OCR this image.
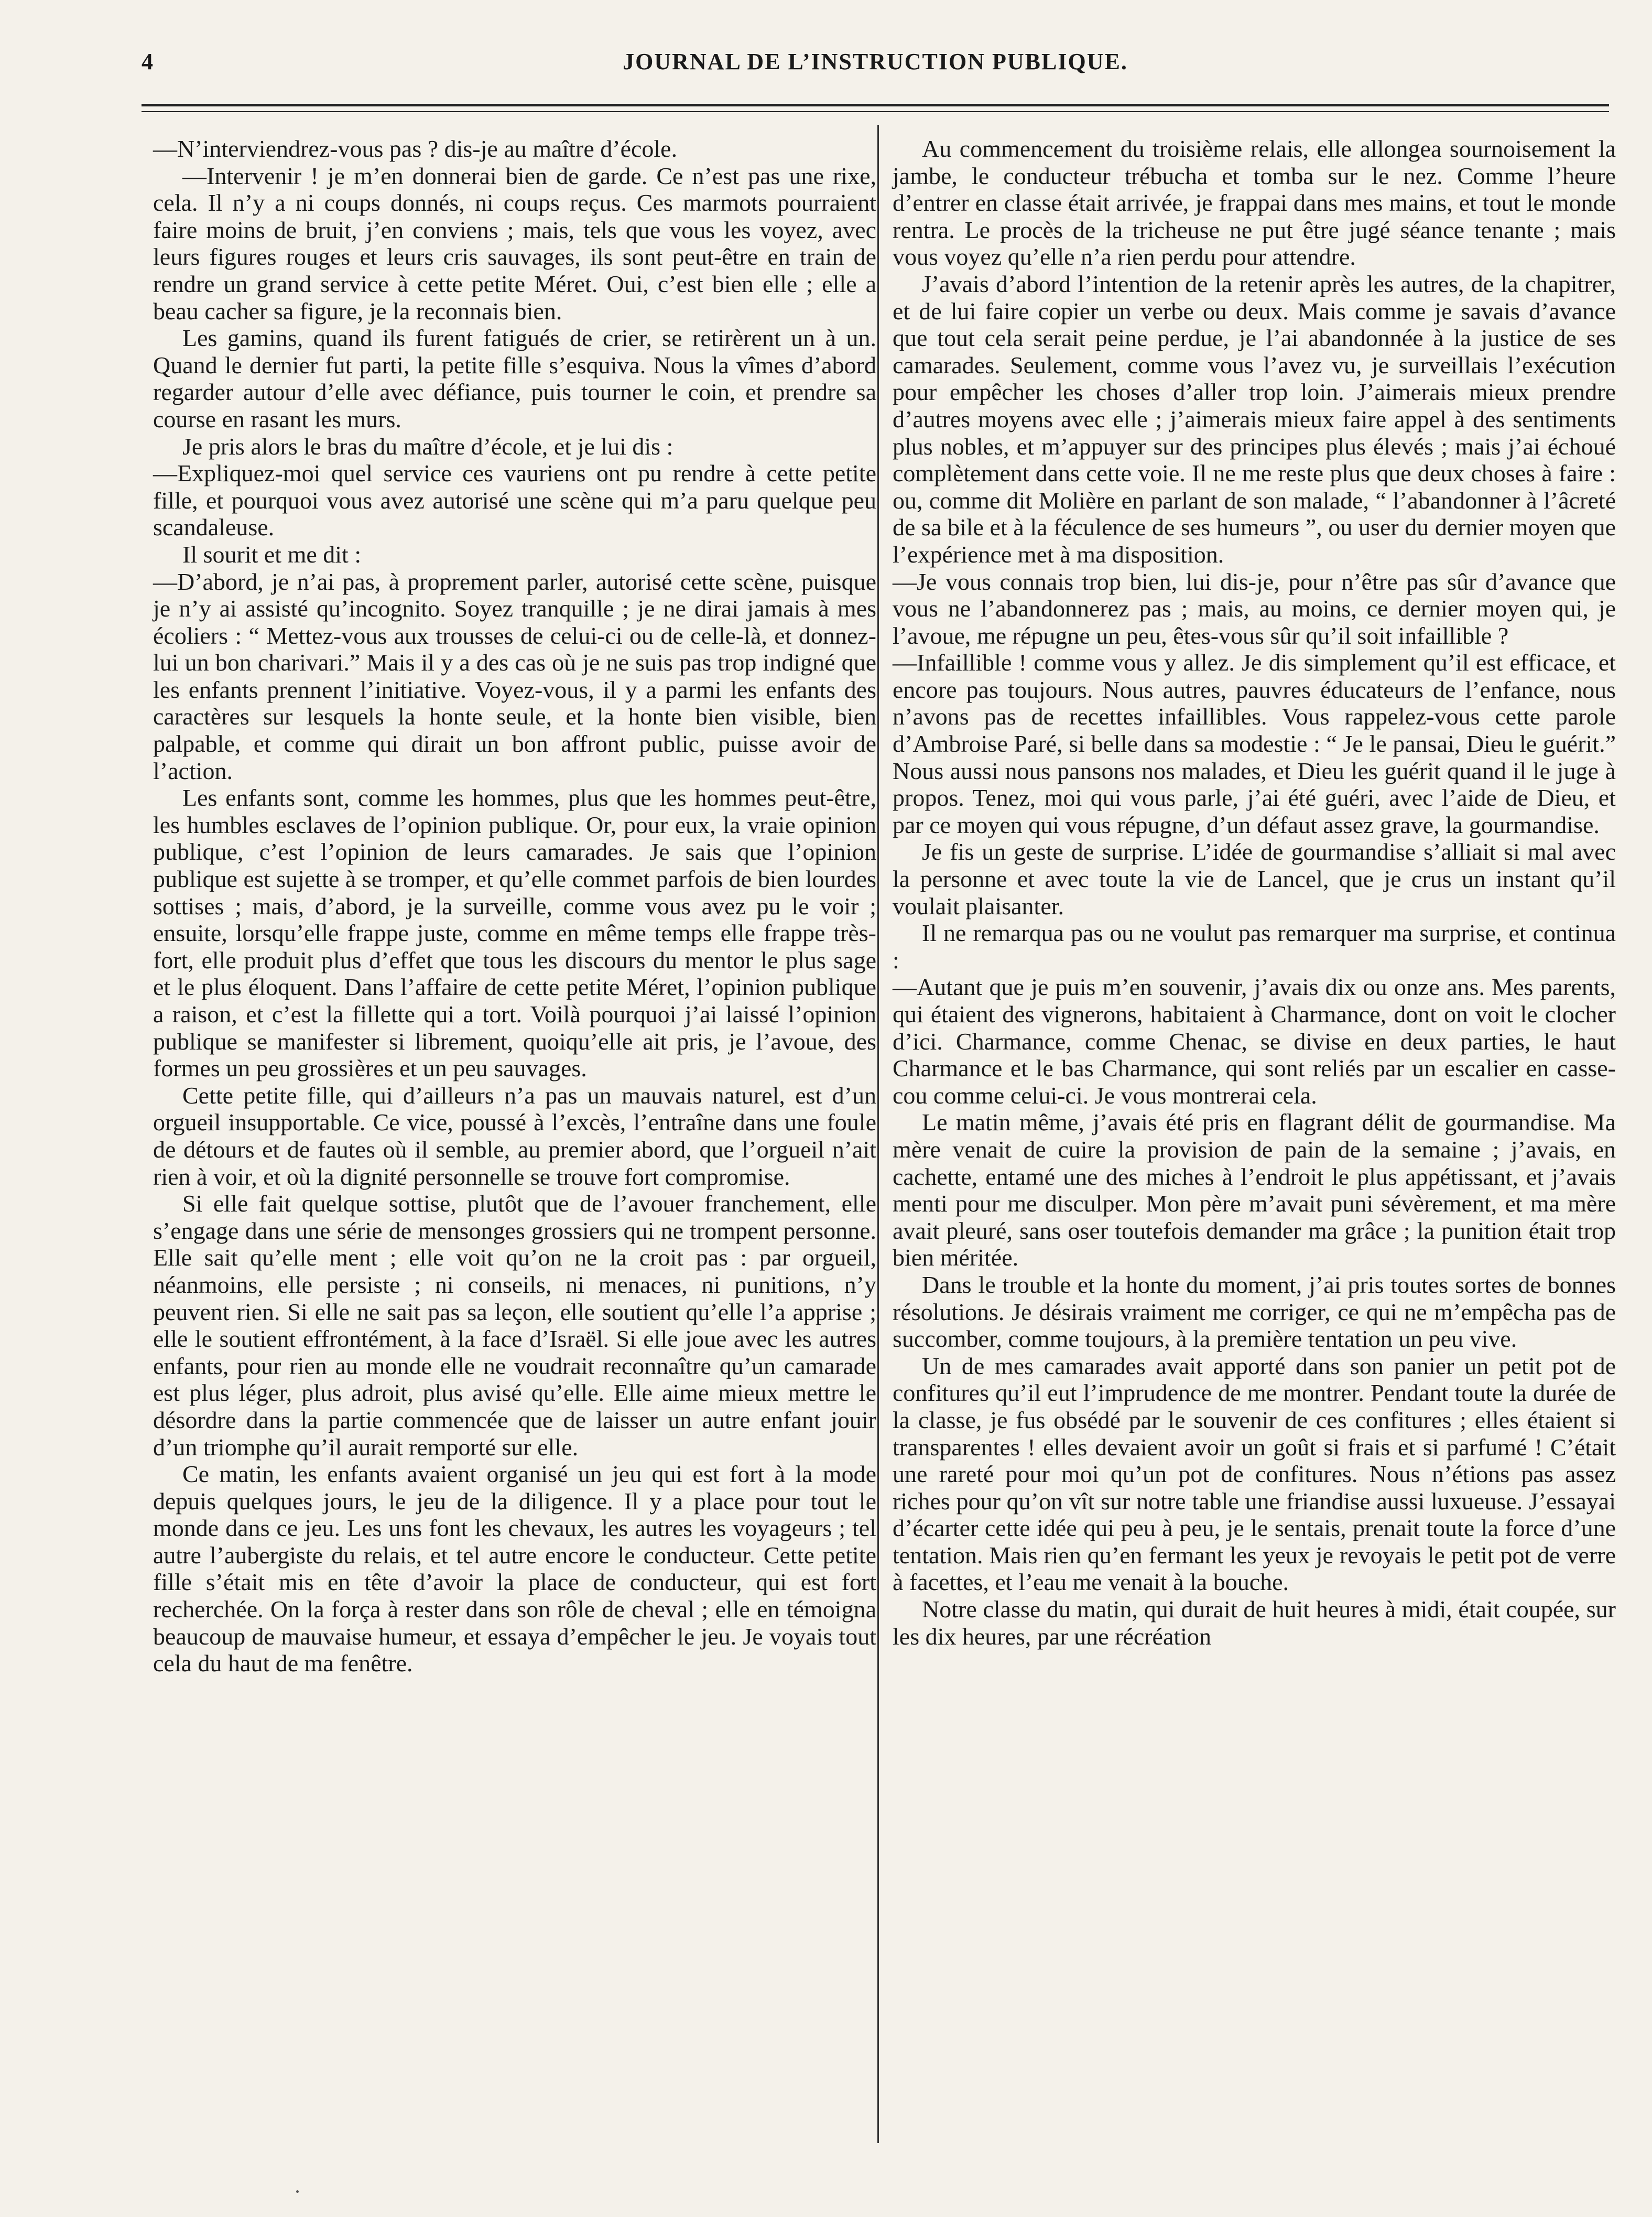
4	JOURNAL DE L’INSTRUCTION PUBLIQUE.

—N’interviendrez-vous pas ? dis-je au maître d’école.

—Intervenir ! je m’en donnerai bien de garde. Ce n’est pas une rixe, cela. Il n’y a ni coups donnés, ni coups reçus. Ces marmots pourraient faire moins de bruit, j’en conviens ; mais, tels que vous les voyez, avec leurs figures rouges et leurs cris sauvages, ils sont peut-être en train de rendre un grand service à cette petite Méret. Oui, c’est bien elle ; elle a beau cacher sa figure, je la reconnais bien.

Les gamins, quand ils furent fatigués de crier, se retirèrent un à un. Quand le dernier fut parti, la petite fille s’esquiva. Nous la vîmes d’abord regarder autour d’elle avec défiance, puis tourner le coin, et prendre sa course en rasant les murs.

Je pris alors le bras du maître d’école, et je lui dis :

—Expliquez-moi quel service ces vauriens ont pu rendre à cette petite fille, et pourquoi vous avez autorisé une scène qui m’a paru quelque peu scandaleuse.

Il sourit et me dit :

—D’abord, je n’ai pas, à proprement parler, autorisé cette scène, puisque je n’y ai assisté qu’incognito. Soyez tranquille ; je ne dirai jamais à mes écoliers : “ Mettez-vous aux trousses de celui-ci ou de celle-là, et donnez-lui un bon charivari.” Mais il y a des cas où je ne suis pas trop indigné que les enfants prennent l’initiative. Voyez-vous, il y a parmi les enfants des caractères sur lesquels la honte seule, et la honte bien visible, bien palpable, et comme qui dirait un bon affront public, puisse avoir de l’action.

Les enfants sont, comme les hommes, plus que les hommes peut-être, les humbles esclaves de l’opinion publique. Or, pour eux, la vraie opinion publique, c’est l’opinion de leurs camarades. Je sais que l’opinion publique est sujette à se tromper, et qu’elle commet parfois de bien lourdes sottises ; mais, d’abord, je la surveille, comme vous avez pu le voir ; ensuite, lorsqu’elle frappe juste, comme en même temps elle frappe très-fort, elle produit plus d’effet que tous les discours du mentor le plus sage et le plus éloquent. Dans l’affaire de cette petite Méret, l’opinion publique a raison, et c’est la fillette qui a tort. Voilà pourquoi j’ai laissé l’opinion publique se manifester si librement, quoiqu’elle ait pris, je l’avoue, des formes un peu grossières et un peu sauvages.

Cette petite fille, qui d’ailleurs n’a pas un mauvais naturel, est d’un orgueil insupportable. Ce vice, poussé à l’excès, l’entraîne dans une foule de détours et de fautes où il semble, au premier abord, que l’orgueil n’ait rien à voir, et où la dignité personnelle se trouve fort compromise.

Si elle fait quelque sottise, plutôt que de l’avouer franchement, elle s’engage dans une série de mensonges grossiers qui ne trompent personne. Elle sait qu’elle ment ; elle voit qu’on ne la croit pas : par orgueil, néanmoins, elle persiste ; ni conseils, ni menaces, ni punitions, n’y peuvent rien. Si elle ne sait pas sa leçon, elle soutient qu’elle l’a apprise ; elle le soutient effrontément, à la face d’Israël. Si elle joue avec les autres enfants, pour rien au monde elle ne voudrait reconnaître qu’un camarade est plus léger, plus adroit, plus avisé qu’elle. Elle aime mieux mettre le désordre dans la partie commencée que de laisser un autre enfant jouir d’un triomphe qu’il aurait remporté sur elle.

Ce matin, les enfants avaient organisé un jeu qui est fort à la mode depuis quelques jours, le jeu de la diligence. Il y a place pour tout le monde dans ce jeu. Les uns font les chevaux, les autres les voyageurs ; tel autre l’aubergiste du relais, et tel autre encore le conducteur. Cette petite fille s’était mis en tête d’avoir la place de conducteur, qui est fort recherchée. On la força à rester dans son rôle de cheval ; elle en témoigna beaucoup de mauvaise humeur, et essaya d’empêcher le jeu. Je voyais tout cela du haut de ma fenêtre.

Au commencement du troisième relais, elle allongea sournoisement la jambe, le conducteur trébucha et tomba sur le nez. Comme l’heure d’entrer en classe était arrivée, je frappai dans mes mains, et tout le monde rentra. Le procès de la tricheuse ne put être jugé séance tenante ; mais vous voyez qu’elle n’a rien perdu pour attendre.

J’avais d’abord l’intention de la retenir après les autres, de la chapitrer, et de lui faire copier un verbe ou deux. Mais comme je savais d’avance que tout cela serait peine perdue, je l’ai abandonnée à la justice de ses camarades. Seulement, comme vous l’avez vu, je surveillais l’exécution pour empêcher les choses d’aller trop loin. J’aimerais mieux prendre d’autres moyens avec elle ; j’aimerais mieux faire appel à des sentiments plus nobles, et m’appuyer sur des principes plus élevés ; mais j’ai échoué complètement dans cette voie. Il ne me reste plus que deux choses à faire : ou, comme dit Molière en parlant de son malade, “ l’abandonner à l’âcreté de sa bile et à la féculence de ses humeurs ”, ou user du dernier moyen que l’expérience met à ma disposition.

—Je vous connais trop bien, lui dis-je, pour n’être pas sûr d’avance que vous ne l’abandonnerez pas ; mais, au moins, ce dernier moyen qui, je l’avoue, me répugne un peu, êtes-vous sûr qu’il soit infaillible ?

—Infaillible ! comme vous y allez. Je dis simplement qu’il est efficace, et encore pas toujours. Nous autres, pauvres éducateurs de l’enfance, nous n’avons pas de recettes infaillibles. Vous rappelez-vous cette parole d’Ambroise Paré, si belle dans sa modestie : “ Je le pansai, Dieu le guérit.” Nous aussi nous pansons nos malades, et Dieu les guérit quand il le juge à propos. Tenez, moi qui vous parle, j’ai été guéri, avec l’aide de Dieu, et par ce moyen qui vous répugne, d’un défaut assez grave, la gourmandise.

Je fis un geste de surprise. L’idée de gourmandise s’alliait si mal avec la personne et avec toute la vie de Lancel, que je crus un instant qu’il voulait plaisanter.

Il ne remarqua pas ou ne voulut pas remarquer ma surprise, et continua :

—Autant que je puis m’en souvenir, j’avais dix ou onze ans. Mes parents, qui étaient des vignerons, habitaient à Charmance, dont on voit le clocher d’ici. Charmance, comme Chenac, se divise en deux parties, le haut Charmance et le bas Charmance, qui sont reliés par un escalier en casse-cou comme celui-ci. Je vous montrerai cela.

Le matin même, j’avais été pris en flagrant délit de gourmandise. Ma mère venait de cuire la provision de pain de la semaine ; j’avais, en cachette, entamé une des miches à l’endroit le plus appétissant, et j’avais menti pour me disculper. Mon père m’avait puni sévèrement, et ma mère avait pleuré, sans oser toutefois demander ma grâce ; la punition était trop bien méritée.

Dans le trouble et la honte du moment, j’ai pris toutes sortes de bonnes résolutions. Je désirais vraiment me corriger, ce qui ne m’empêcha pas de succomber, comme toujours, à la première tentation un peu vive.

Un de mes camarades avait apporté dans son panier un petit pot de confitures qu’il eut l’imprudence de me montrer. Pendant toute la durée de la classe, je fus obsédé par le souvenir de ces confitures ; elles étaient si transparentes ! elles devaient avoir un goût si frais et si parfumé ! C’était une rareté pour moi qu’un pot de confitures. Nous n’étions pas assez riches pour qu’on vît sur notre table une friandise aussi luxueuse. J’essayai d’écarter cette idée qui peu à peu, je le sentais, prenait toute la force d’une tentation. Mais rien qu’en fermant les yeux je revoyais le petit pot de verre à facettes, et l’eau me venait à la bouche.

Notre classe du matin, qui durait de huit heures à midi, était coupée, sur les dix heures, par une récréation
